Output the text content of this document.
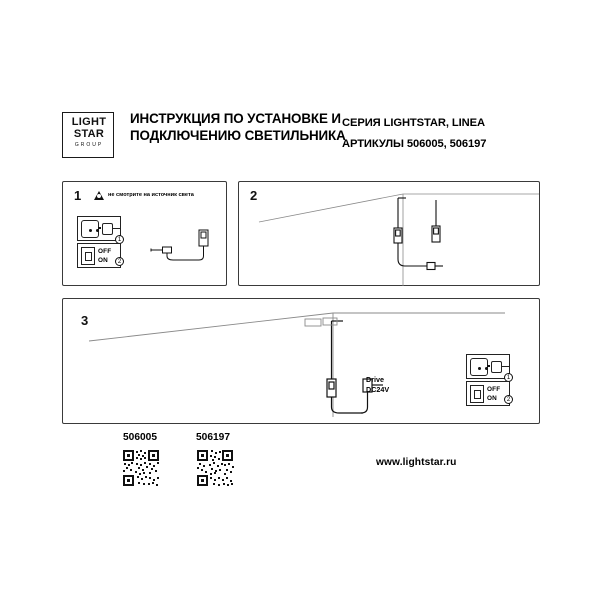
LIGHT
STAR
GROUP
ИНСТРУКЦИЯ ПО УСТАНОВКЕ И
ПОДКЛЮЧЕНИЮ СВЕТИЛЬНИКА
СЕРИЯ LIGHTSTAR, LINEA
АРТИКУЛЫ 506005, 506197
1	не смотрите на источник света
1
OFF
ON	2
2
3
Drive
DC24V
1
OFF
ON	2
506005	506197
www.lightstar.ru
